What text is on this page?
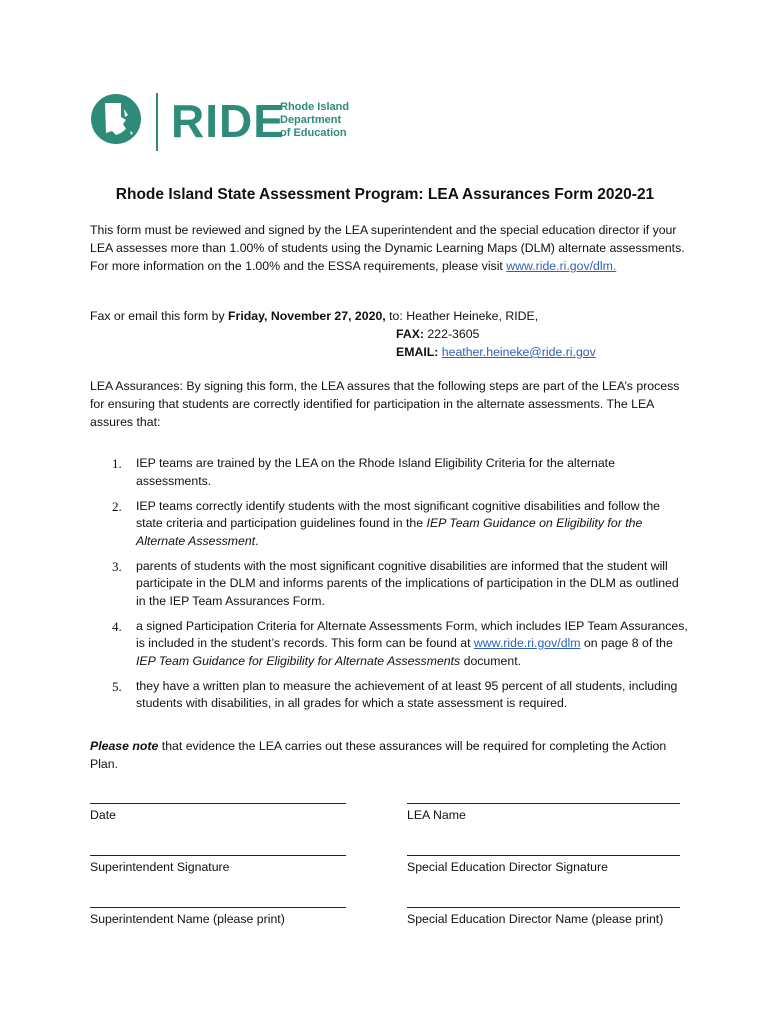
RIDE
Rhode Island
Department
of Education
Rhode Island State Assessment Program: LEA Assurances Form 2020-21
This form must be reviewed and signed by the LEA superintendent and the special education director if your LEA assesses more than 1.00% of students using the Dynamic Learning Maps (DLM) alternate assessments. For more information on the 1.00% and the ESSA requirements, please visit www.ride.ri.gov/dlm.
Fax or email this form by Friday, November 27, 2020, to: Heather Heineke, RIDE,
FAX: 222-3605
EMAIL: heather.heineke@ride.ri.gov
LEA Assurances: By signing this form, the LEA assures that the following steps are part of the LEA’s process for ensuring that students are correctly identified for participation in the alternate assessments. The LEA assures that:
1. IEP teams are trained by the LEA on the Rhode Island Eligibility Criteria for the alternate assessments.
2. IEP teams correctly identify students with the most significant cognitive disabilities and follow the state criteria and participation guidelines found in the IEP Team Guidance on Eligibility for the Alternate Assessment.
3. parents of students with the most significant cognitive disabilities are informed that the student will participate in the DLM and informs parents of the implications of participation in the DLM as outlined in the IEP Team Assurances Form.
4. a signed Participation Criteria for Alternate Assessments Form, which includes IEP Team Assurances, is included in the student’s records. This form can be found at www.ride.ri.gov/dlm on page 8 of the IEP Team Guidance for Eligibility for Alternate Assessments document.
5. they have a written plan to measure the achievement of at least 95 percent of all students, including students with disabilities, in all grades for which a state assessment is required.
Please note that evidence the LEA carries out these assurances will be required for completing the Action Plan.
Date	LEA Name
Superintendent Signature	Special Education Director Signature
Superintendent Name (please print)	Special Education Director Name (please print)
